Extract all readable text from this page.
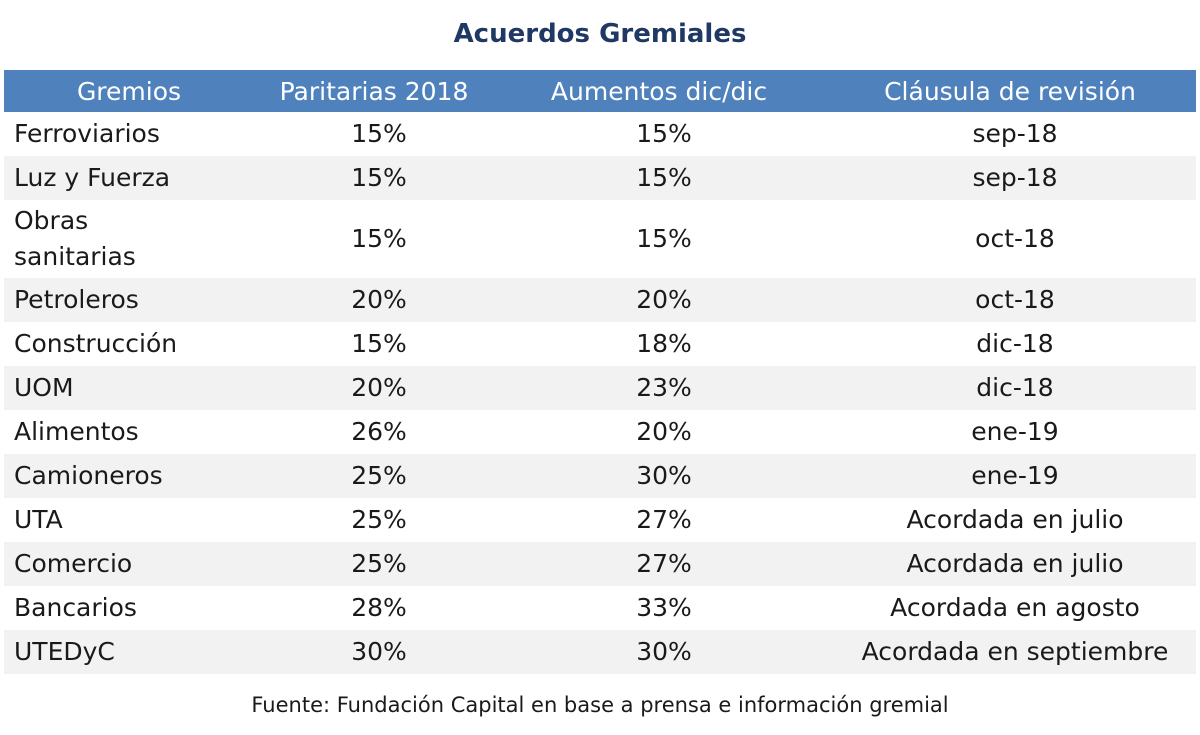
Acuerdos Gremiales
Gremios	Paritarias 2018	Aumentos dic/dic	Cláusula de revisión
Ferroviarios	15%	15%	sep-18
Luz y Fuerza	15%	15%	sep-18
Obras sanitarias	15%	15%	oct-18
Petroleros	20%	20%	oct-18
Construcción	15%	18%	dic-18
UOM	20%	23%	dic-18
Alimentos	26%	20%	ene-19
Camioneros	25%	30%	ene-19
UTA	25%	27%	Acordada en julio
Comercio	25%	27%	Acordada en julio
Bancarios	28%	33%	Acordada en agosto
UTEDyC	30%	30%	Acordada en septiembre
Fuente: Fundación Capital en base a prensa e información gremial
